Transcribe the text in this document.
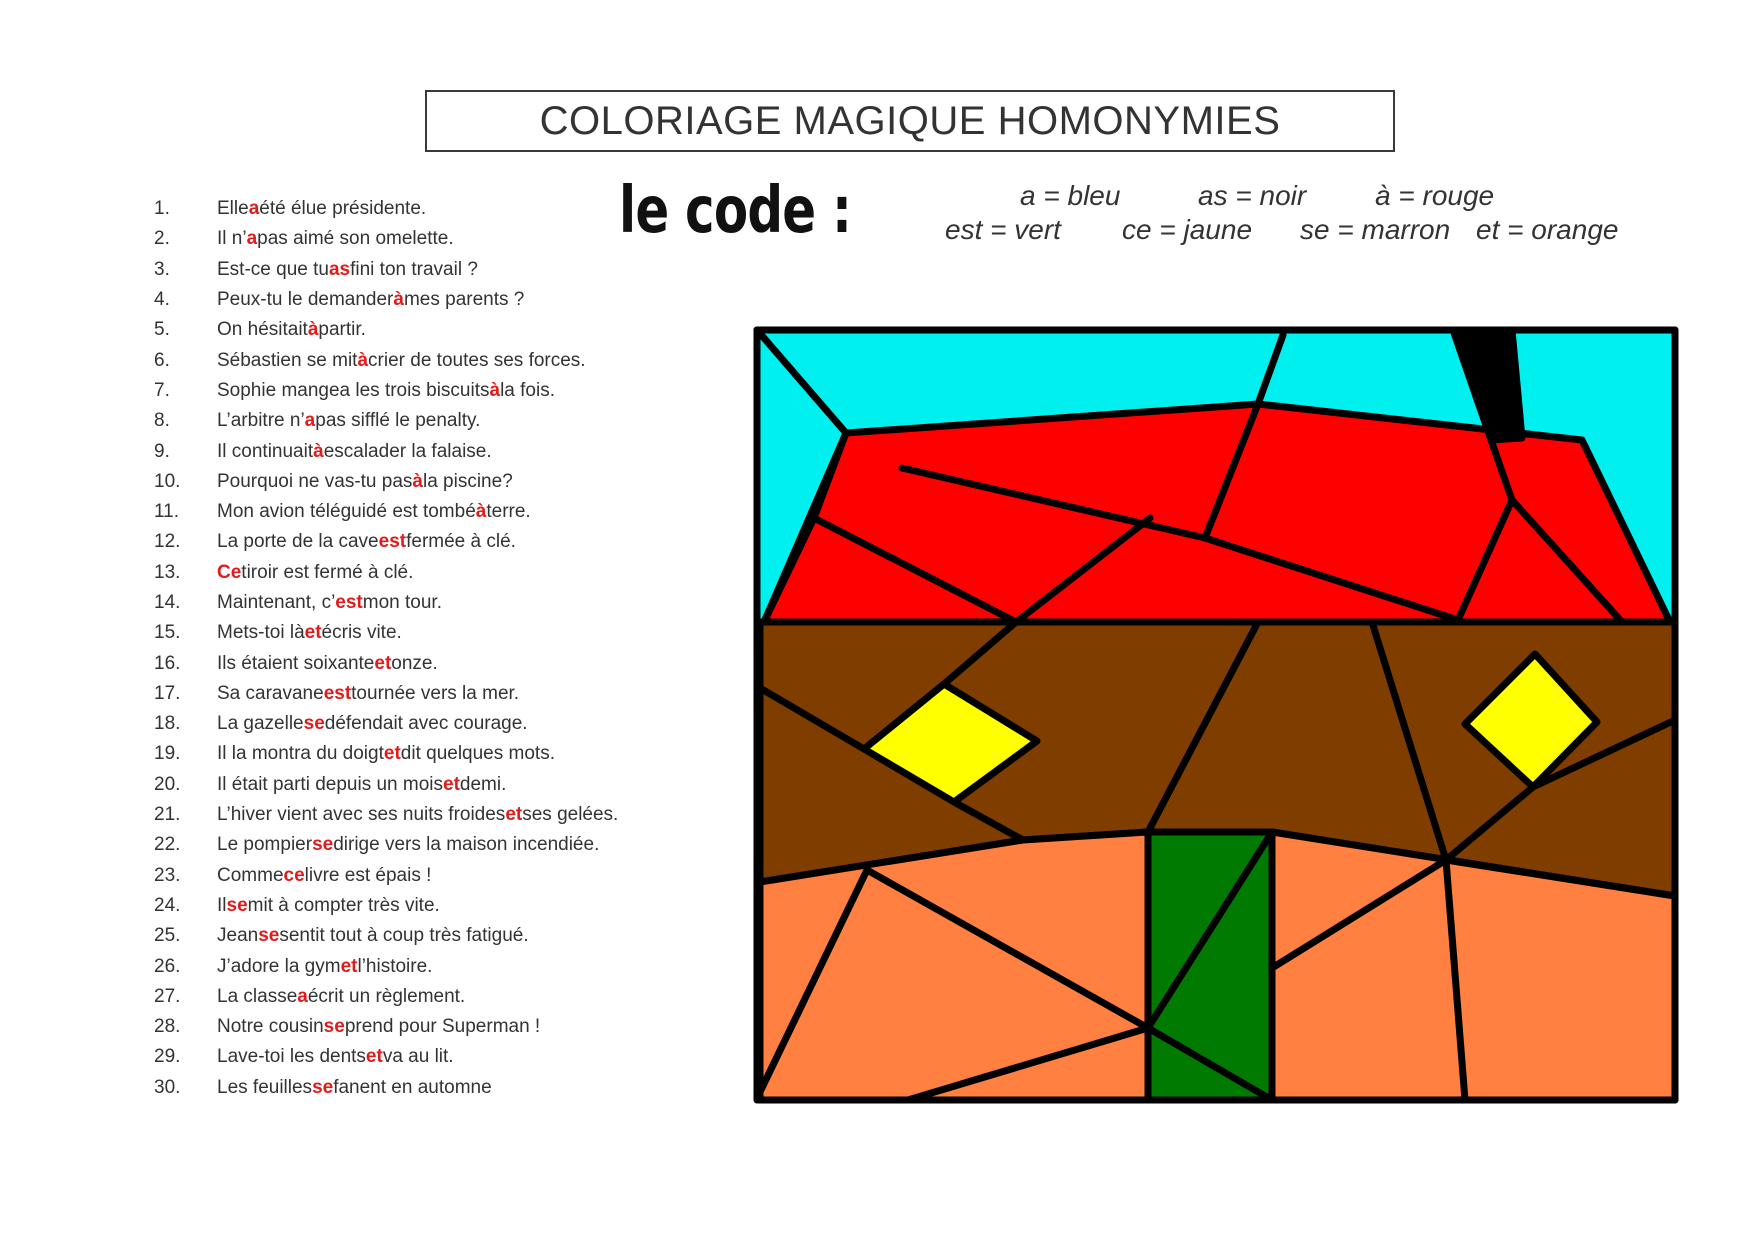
COLORIAGE MAGIQUE HOMONYMIES
1.	Elle a été élue présidente.
2.	Il n’ a pas aimé son omelette.
3.	Est-ce que tu as fini ton travail ?
4.	Peux-tu le demander à mes parents ?
5.	On hésitait à partir.
6.	Sébastien se mit à crier de toutes ses forces.
7.	Sophie mangea les trois biscuits à la fois.
8.	L’arbitre n’ a pas sifflé le penalty.
9.	Il continuait à escalader la falaise.
10.	Pourquoi ne vas-tu pas à la piscine?
11.	Mon avion téléguidé est tombé à terre.
12.	La porte de la cave est fermée à clé.
13.	Ce tiroir est fermé à clé.
14.	Maintenant, c’ est mon tour.
15.	Mets-toi là et écris vite.
16.	Ils étaient soixante et onze.
17.	Sa caravane est tournée vers la mer.
18.	La gazelle se défendait avec courage.
19.	Il la montra du doigt et dit quelques mots.
20.	Il était parti depuis un mois et demi.
21.	L’hiver vient avec ses nuits froides et ses gelées.
22.	Le pompier se dirige vers la maison incendiée.
23.	Comme ce livre est épais !
24.	Il se mit à compter très vite.
25.	Jean se sentit tout à coup très fatigué.
26.	J’adore la gym et l’histoire.
27.	La classe a écrit un règlement.
28.	Notre cousin se prend pour Superman !
29.	Lave-toi les dents et va au lit.
30.	Les feuilles se fanent en automne
le code :	a = bleu	as = noir à = rouge
est = vert ce = jaune se = marron et = orange
